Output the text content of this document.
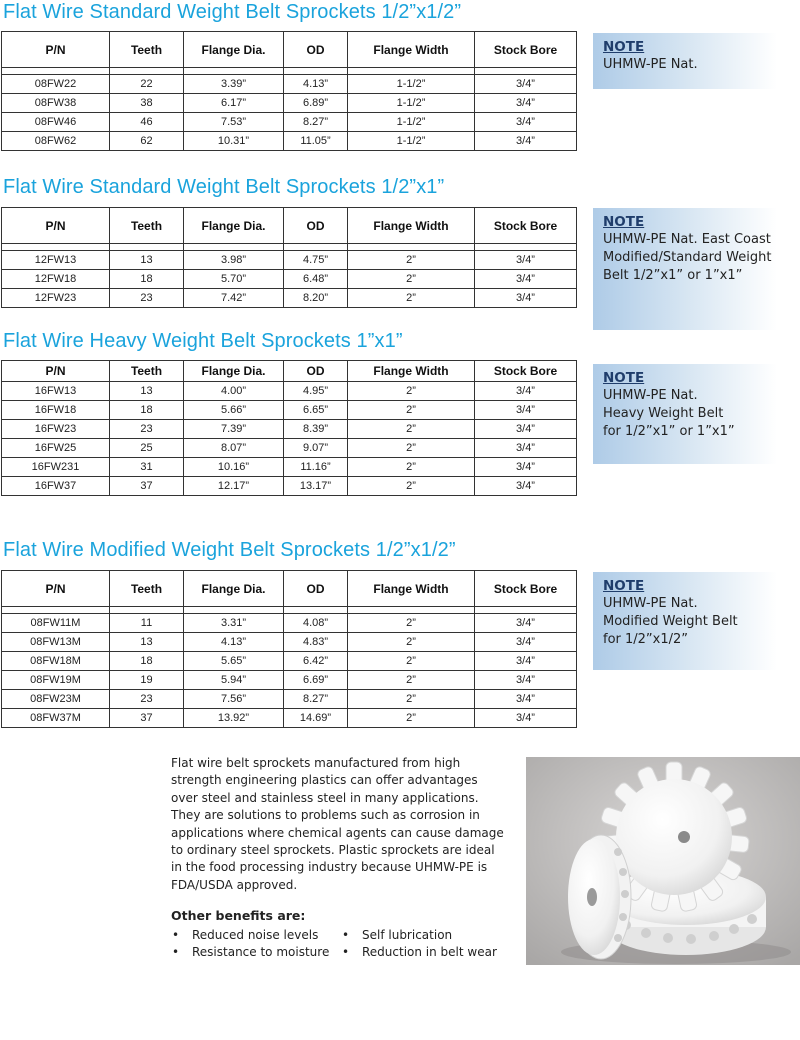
Flat Wire Standard Weight Belt Sprockets 1/2”x1/2”
P/N	Teeth	Flange Dia.	OD	Flange Width	Stock Bore

08FW22	22	3.39”	4.13”	1-1/2”	3/4”
08FW38	38	6.17”	6.89”	1-1/2”	3/4”
08FW46	46	7.53”	8.27”	1-1/2”	3/4”
08FW62	62	10.31”	11.05”	1-1/2”	3/4”
NOTE
UHMW-PE Nat.
Flat Wire Standard Weight Belt Sprockets 1/2”x1”
P/N	Teeth	Flange Dia.	OD	Flange Width	Stock Bore

12FW13	13	3.98”	4.75”	2”	3/4”
12FW18	18	5.70”	6.48”	2”	3/4”
12FW23	23	7.42”	8.20”	2”	3/4”
NOTE
UHMW-PE Nat. East Coast
Modified/Standard Weight
Belt 1/2”x1” or 1”x1”
Flat Wire Heavy Weight Belt Sprockets 1”x1”
P/N	Teeth	Flange Dia.	OD	Flange Width	Stock Bore
16FW13	13	4.00”	4.95”	2”	3/4”
16FW18	18	5.66”	6.65”	2”	3/4”
16FW23	23	7.39”	8.39”	2”	3/4”
16FW25	25	8.07”	9.07”	2”	3/4”
16FW231	31	10.16”	11.16”	2”	3/4”
16FW37	37	12.17”	13.17”	2”	3/4”
NOTE
UHMW-PE Nat.
Heavy Weight Belt
for 1/2”x1” or 1”x1”
Flat Wire Modified Weight Belt Sprockets 1/2”x1/2”
P/N	Teeth	Flange Dia.	OD	Flange Width	Stock Bore

08FW11M	11	3.31”	4.08”	2”	3/4”
08FW13M	13	4.13”	4.83”	2”	3/4”
08FW18M	18	5.65”	6.42”	2”	3/4”
08FW19M	19	5.94”	6.69”	2”	3/4”
08FW23M	23	7.56”	8.27”	2”	3/4”
08FW37M	37	13.92”	14.69”	2”	3/4”
NOTE
UHMW-PE Nat.
Modified Weight Belt
for 1/2”x1/2”
Flat wire belt sprockets manufactured from high
strength engineering plastics can offer advantages
over steel and stainless steel in many applications.
They are solutions to problems such as corrosion in
applications where chemical agents can cause damage
to ordinary steel sprockets. Plastic sprockets are ideal
in the food processing industry because UHMW-PE is
FDA/USDA approved.
Other benefits are:
•	Reduced noise levels •	Self lubrication
•	Resistance to moisture •	Reduction in belt wear
